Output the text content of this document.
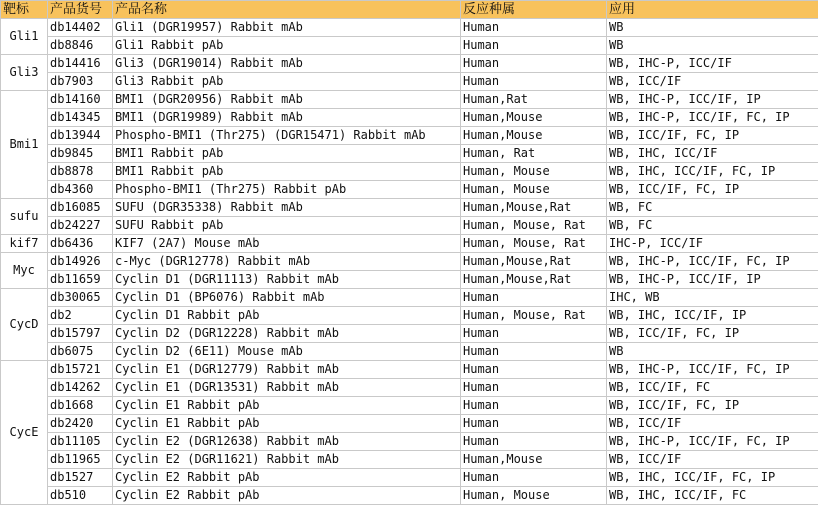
靶标	产品货号	产品名称	反应种属	应用
Gli1	db14402	Gli1 (DGR19957) Rabbit mAb	Human	WB
	db8846	Gli1 Rabbit pAb	Human	WB
Gli3	db14416	Gli3 (DGR19014) Rabbit mAb	Human	WB, IHC-P, ICC/IF
	db7903	Gli3 Rabbit pAb	Human	WB, ICC/IF
Bmi1	db14160	BMI1 (DGR20956) Rabbit mAb	Human,Rat	WB, IHC-P, ICC/IF, IP
	db14345	BMI1 (DGR19989) Rabbit mAb	Human,Mouse	WB, IHC-P, ICC/IF, FC, IP
	db13944	Phospho-BMI1 (Thr275) (DGR15471) Rabbit mAb	Human,Mouse	WB, ICC/IF, FC, IP
	db9845	BMI1 Rabbit pAb	Human, Rat	WB, IHC, ICC/IF
	db8878	BMI1 Rabbit pAb	Human, Mouse	WB, IHC, ICC/IF, FC, IP
	db4360	Phospho-BMI1 (Thr275) Rabbit pAb	Human, Mouse	WB, ICC/IF, FC, IP
sufu	db16085	SUFU (DGR35338) Rabbit mAb	Human,Mouse,Rat	WB, FC
	db24227	SUFU Rabbit pAb	Human, Mouse, Rat	WB, FC
kif7	db6436	KIF7 (2A7) Mouse mAb	Human, Mouse, Rat	IHC-P, ICC/IF
Myc	db14926	c-Myc (DGR12778) Rabbit mAb	Human,Mouse,Rat	WB, IHC-P, ICC/IF, FC, IP
	db11659	Cyclin D1 (DGR11113) Rabbit mAb	Human,Mouse,Rat	WB, IHC-P, ICC/IF, IP
CycD	db30065	Cyclin D1 (BP6076) Rabbit mAb	Human	IHC, WB
	db2	Cyclin D1 Rabbit pAb	Human, Mouse, Rat	WB, IHC, ICC/IF, IP
	db15797	Cyclin D2 (DGR12228) Rabbit mAb	Human	WB, ICC/IF, FC, IP
	db6075	Cyclin D2 (6E11) Mouse mAb	Human	WB
CycE	db15721	Cyclin E1 (DGR12779) Rabbit mAb	Human	WB, IHC-P, ICC/IF, FC, IP
	db14262	Cyclin E1 (DGR13531) Rabbit mAb	Human	WB, ICC/IF, FC
	db1668	Cyclin E1 Rabbit pAb	Human	WB, ICC/IF, FC, IP
	db2420	Cyclin E1 Rabbit pAb	Human	WB, ICC/IF
	db11105	Cyclin E2 (DGR12638) Rabbit mAb	Human	WB, IHC-P, ICC/IF, FC, IP
	db11965	Cyclin E2 (DGR11621) Rabbit mAb	Human,Mouse	WB, ICC/IF
	db1527	Cyclin E2 Rabbit pAb	Human	WB, IHC, ICC/IF, FC, IP
	db510	Cyclin E2 Rabbit pAb	Human, Mouse	WB, IHC, ICC/IF, FC
